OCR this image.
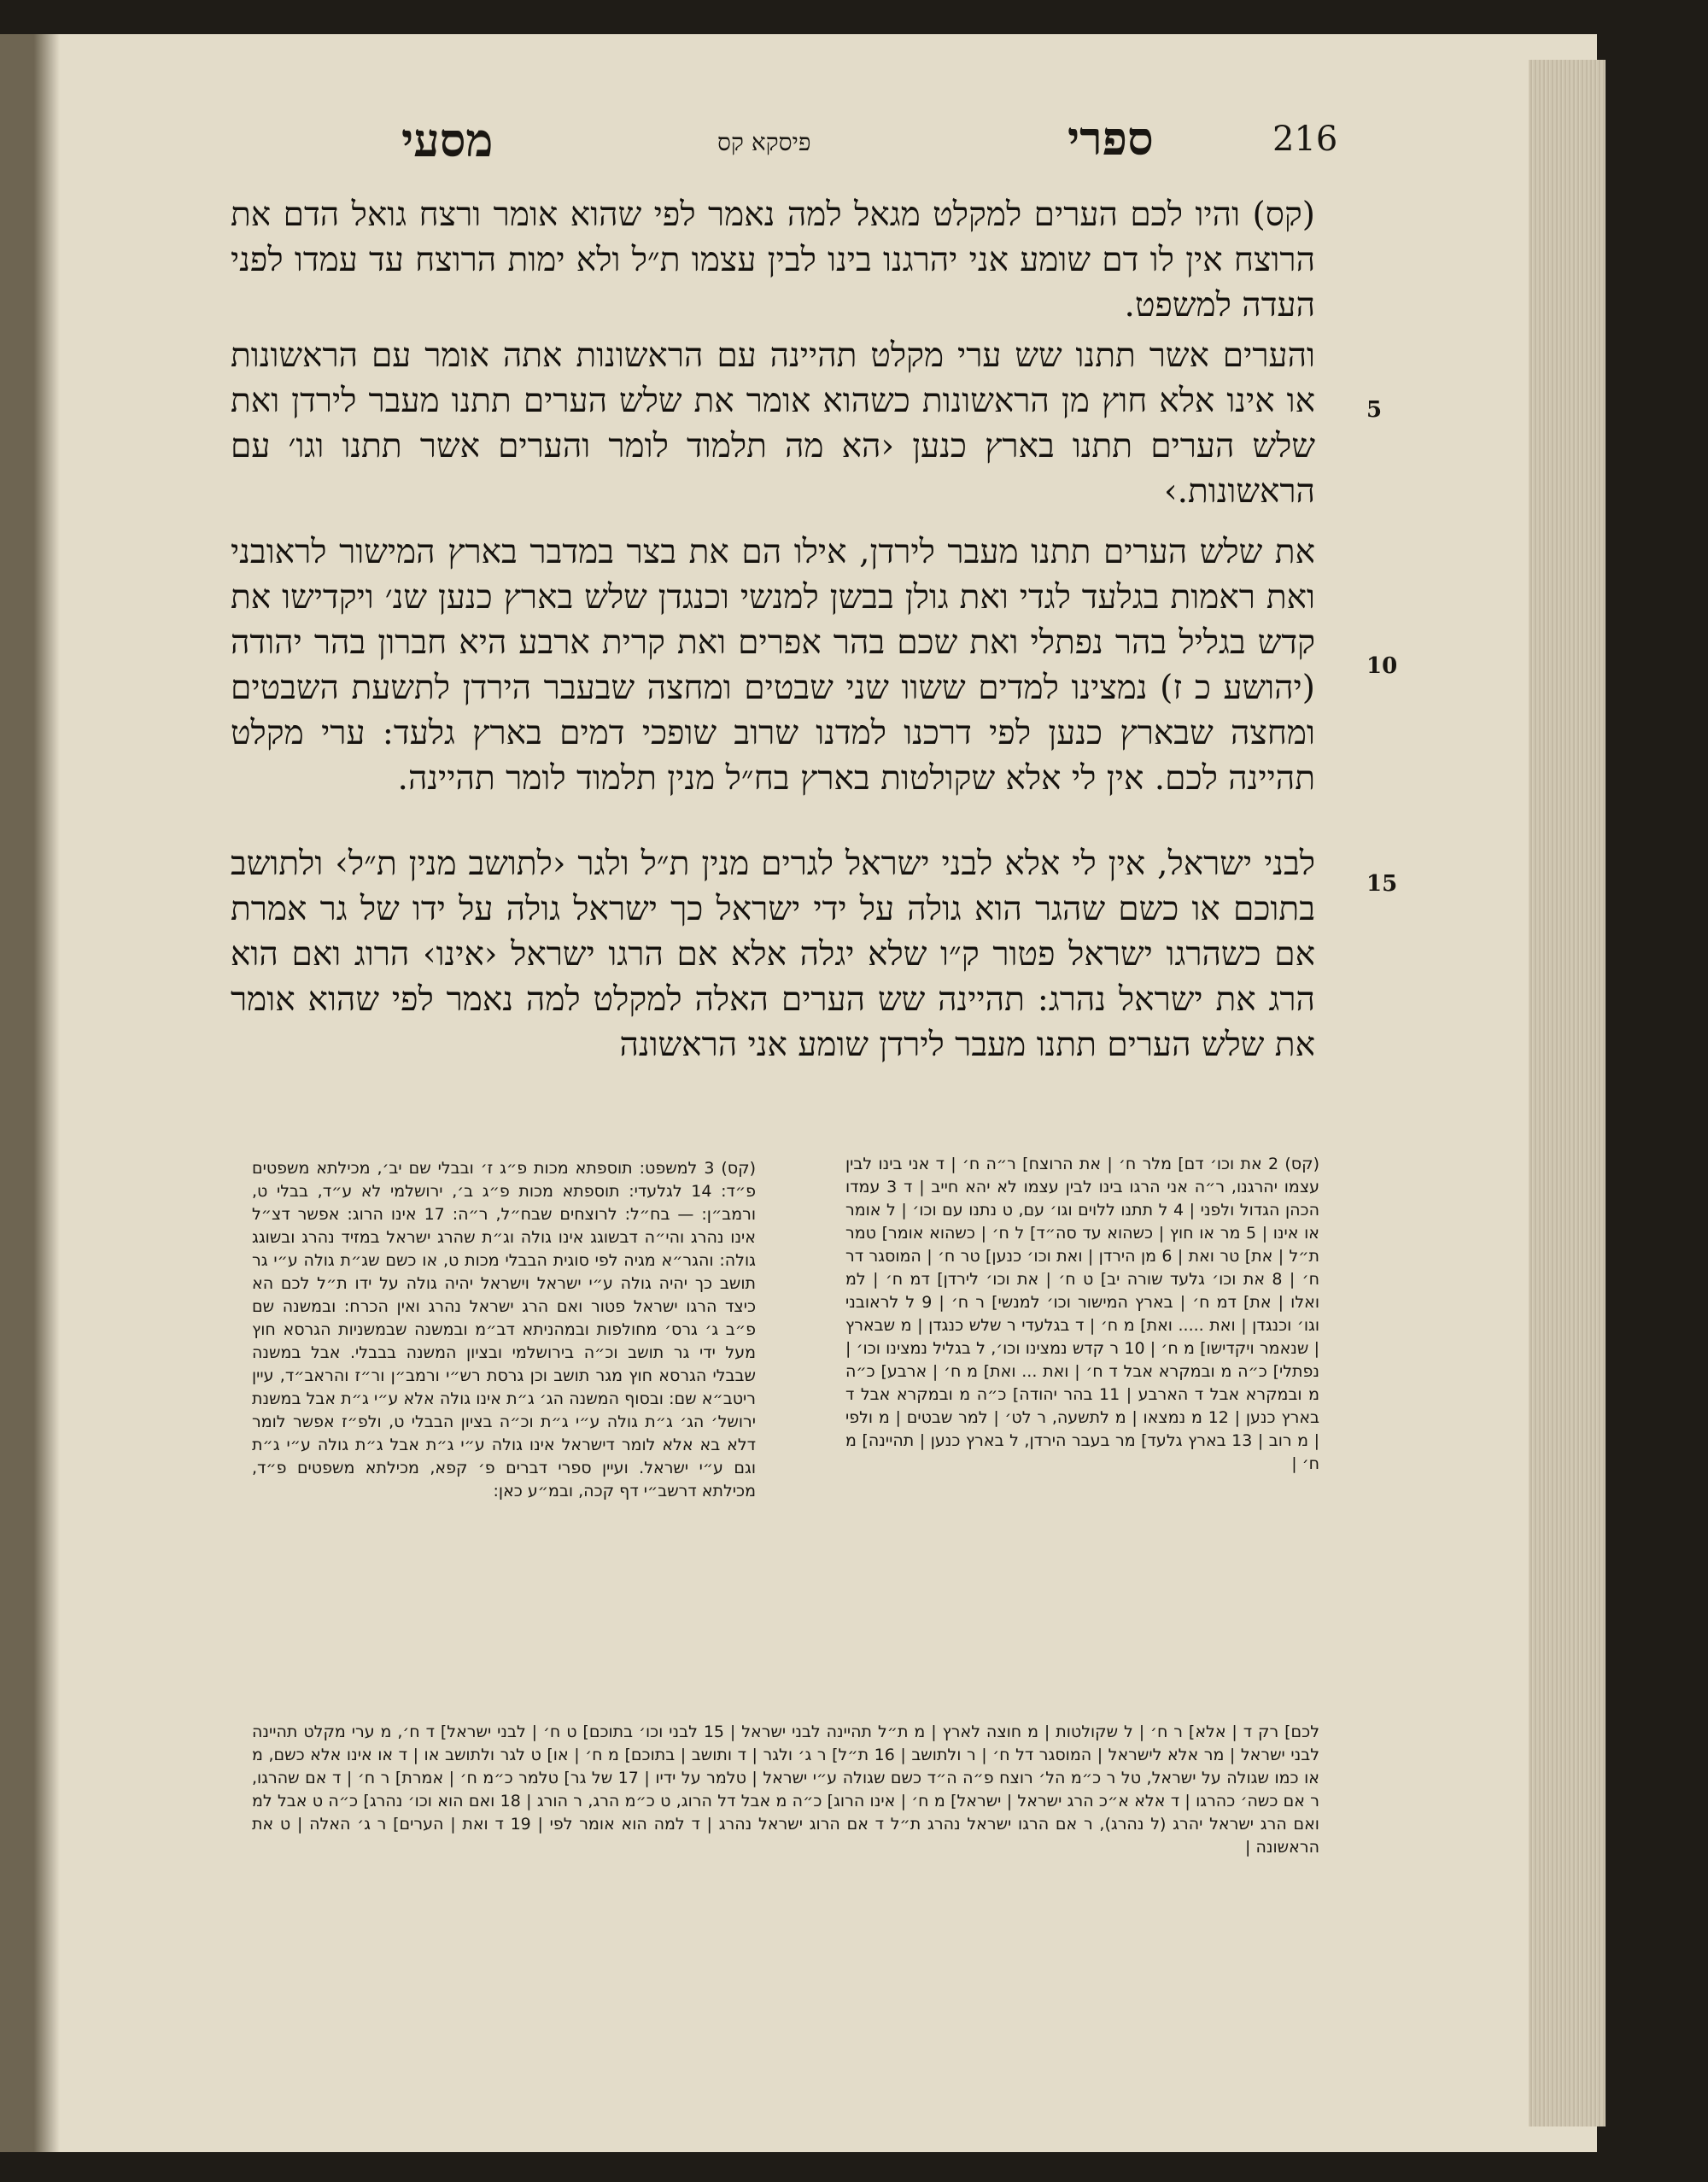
216
ספרי
פיסקא קס
מסעי
5
10
15
(קס) והיו לכם הערים למקלט מגאל למה נאמר לפי שהוא אומר ורצח גואל הדם את הרוצח אין לו דם שומע אני יהרגנו בינו לבין עצמו ת״ל ולא ימות הרוצח עד עמדו לפני העדה למשפט.
והערים אשר תתנו שש ערי מקלט תהיינה עם הראשונות אתה אומר עם הראשונות או אינו אלא חוץ מן הראשונות כשהוא אומר את שלש הערים תתנו מעבר לירדן ואת שלש הערים תתנו בארץ כנען ‹הא מה תלמוד לומר והערים אשר תתנו וגו׳ עם הראשונות.›
את שלש הערים תתנו מעבר לירדן, אילו הם את בצר במדבר בארץ המישור לראובני ואת ראמות בגלעד לגדי ואת גולן בבשן למנשי וכנגדן שלש בארץ כנען שנ׳ ויקדישו את קדש בגליל בהר נפתלי ואת שכם בהר אפרים ואת קרית ארבע היא חברון בהר יהודה (יהושע כ ז) נמצינו למדים ששוו שני שבטים ומחצה שבעבר הירדן לתשעת השבטים ומחצה שבארץ כנען לפי דרכנו למדנו שרוב שופכי דמים בארץ גלעד: ערי מקלט תהיינה לכם. אין לי אלא שקולטות בארץ בח״ל מנין תלמוד לומר תהיינה.
לבני ישראל, אין לי אלא לבני ישראל לגרים מנין ת״ל ולגר ‹לתושב מנין ת״ל› ולתושב בתוכם או כשם שהגר הוא גולה על ידי ישראל כך ישראל גולה על ידו של גר אמרת אם כשהרגו ישראל פטור ק״ו שלא יגלה אלא אם הרגו ישראל ‹אינו› הרוג ואם הוא הרג את ישראל נהרג: תהיינה שש הערים האלה למקלט למה נאמר לפי שהוא אומר את שלש הערים תתנו מעבר לירדן שומע אני הראשונה
(קס) 2 את וכו׳ דם] מלר ח׳ | את הרוצח] ר״ה ח׳ | ד אני בינו לבין עצמו יהרגנו, ר״ה אני הרגו בינו לבין עצמו לא יהא חייב | ד 3 עמדו הכהן הגדול ולפני | 4 ל תתנו ללוים וגו׳ עם, ט נתנו עם וכו׳ | ל אומר או אינו | 5 מר או חוץ | כשהוא עד סה״ד] ל ח׳ | כשהוא אומר] טמר ת״ל | את] טר ואת | 6 מן הירדן | ואת וכו׳ כנען] טר ח׳ | המוסגר דר ח׳ | 8 את וכו׳ גלעד שורה יב] ט ח׳ | את וכו׳ לירדן] דמ ח׳ | למ ואלו | את] דמ ח׳ | בארץ המישור וכו׳ למנשי] ר ח׳ | 9 ל לראובני וגו׳ וכנגדן | ואת ..... ואת] מ ח׳ | ד בגלעדי ר שלש כנגדן | מ שבארץ | שנאמר ויקדישו] מ ח׳ | 10 ר קדש נמצינו וכו׳, ל בגליל נמצינו וכו׳ | נפתלי] כ״ה מ ובמקרא אבל ד ח׳ | ואת ... ואת] מ ח׳ | ארבע] כ״ה מ ובמקרא אבל ד הארבע | 11 בהר יהודה] כ״ה מ ובמקרא אבל ד בארץ כנען | 12 מ נמצאו | מ לתשעה, ר לט׳ | למר שבטים | מ ולפי | מ רוב | 13 בארץ גלעד] מר בעבר הירדן, ל בארץ כנען | תהיינה] מ ח׳ |
(קס) 3 למשפט: תוספתא מכות פ״ג ז׳ ובבלי שם יב׳, מכילתא משפטים פ״ד: 14 לגלעדי: תוספתא מכות פ״ג ב׳, ירושלמי לא ע״ד, בבלי ט, ורמב״ן: — בח״ל: לרוצחים שבח״ל, ר״ה: 17 אינו הרוג: אפשר דצ״ל אינו נהרג והי״ה דבשוגג אינו גולה וג״ת שהרג ישראל במזיד נהרג ובשוגג גולה: והגר״א מגיה לפי סוגית הבבלי מכות ט, או כשם שג״ת גולה ע״י גר תושב כך יהיה גולה ע״י ישראל וישראל יהיה גולה על ידו ת״ל לכם הא כיצד הרגו ישראל פטור ואם הרג ישראל נהרג ואין הכרח: ובמשנה שם פ״ב ג׳ גרס׳ מחולפות ובמהניתא דב״מ ובמשנה שבמשניות הגרסא חוץ מעל ידי גר תושב וכ״ה בירושלמי ובציון המשנה בבבלי. אבל במשנה שבבלי הגרסא חוץ מגר תושב וכן גרסת רש״י ורמב״ן ור״ז והראב״ד, עיין ריטב״א שם: ובסוף המשנה הג׳ ג״ת אינו גולה אלא ע״י ג״ת אבל במשנת ירושל׳ הג׳ ג״ת גולה ע״י ג״ת וכ״ה בציון הבבלי ט, ולפ״ז אפשר לומר דלא בא אלא לומר דישראל אינו גולה ע״י ג״ת אבל ג״ת גולה ע״י ג״ת וגם ע״י ישראל. ועיין ספרי דברים פ׳ קפא, מכילתא משפטים פ״ד, מכילתא דרשב״י דף קכה, ובמ״ע כאן:
לכם] רק ד | אלא] ר ח׳ | ל שקולטות | מ חוצה לארץ | מ ת״ל תהיינה לבני ישראל | 15 לבני וכו׳ בתוכם] ט ח׳ | לבני ישראל] ד ח׳, מ ערי מקלט תהיינה לבני ישראל | מר אלא לישראל | המוסגר דל ח׳ | ר ולתושב | 16 ת״ל] ר ג׳ ולגר | ד ותושב | בתוכם] מ ח׳ | או] ט לגר ולתושב או | ד או אינו אלא כשם, מ או כמו שגולה על ישראל, טל ר כ״מ הל׳ רוצח פ״ה ה״ד כשם שגולה ע״י ישראל | טלמר על ידיו | 17 של גר] טלמר כ״מ ח׳ | אמרת] ר ח׳ | ד אם שהרגו, ר אם כשה׳ כהרגו | ד אלא א״כ הרג ישראל | ישראל] מ ח׳ | אינו הרוג] כ״ה מ אבל דל הרוג, ט כ״מ הרג, ר הורג | 18 ואם הוא וכו׳ נהרג] כ״ה ט אבל למ ואם הרג ישראל יהרג (ל נהרג), ר אם הרגו ישראל נהרג ת״ל ד אם הרוג ישראל נהרג | ד למה הוא אומר לפי | 19 ד ואת | הערים] ר ג׳ האלה | ט את הראשונה |
